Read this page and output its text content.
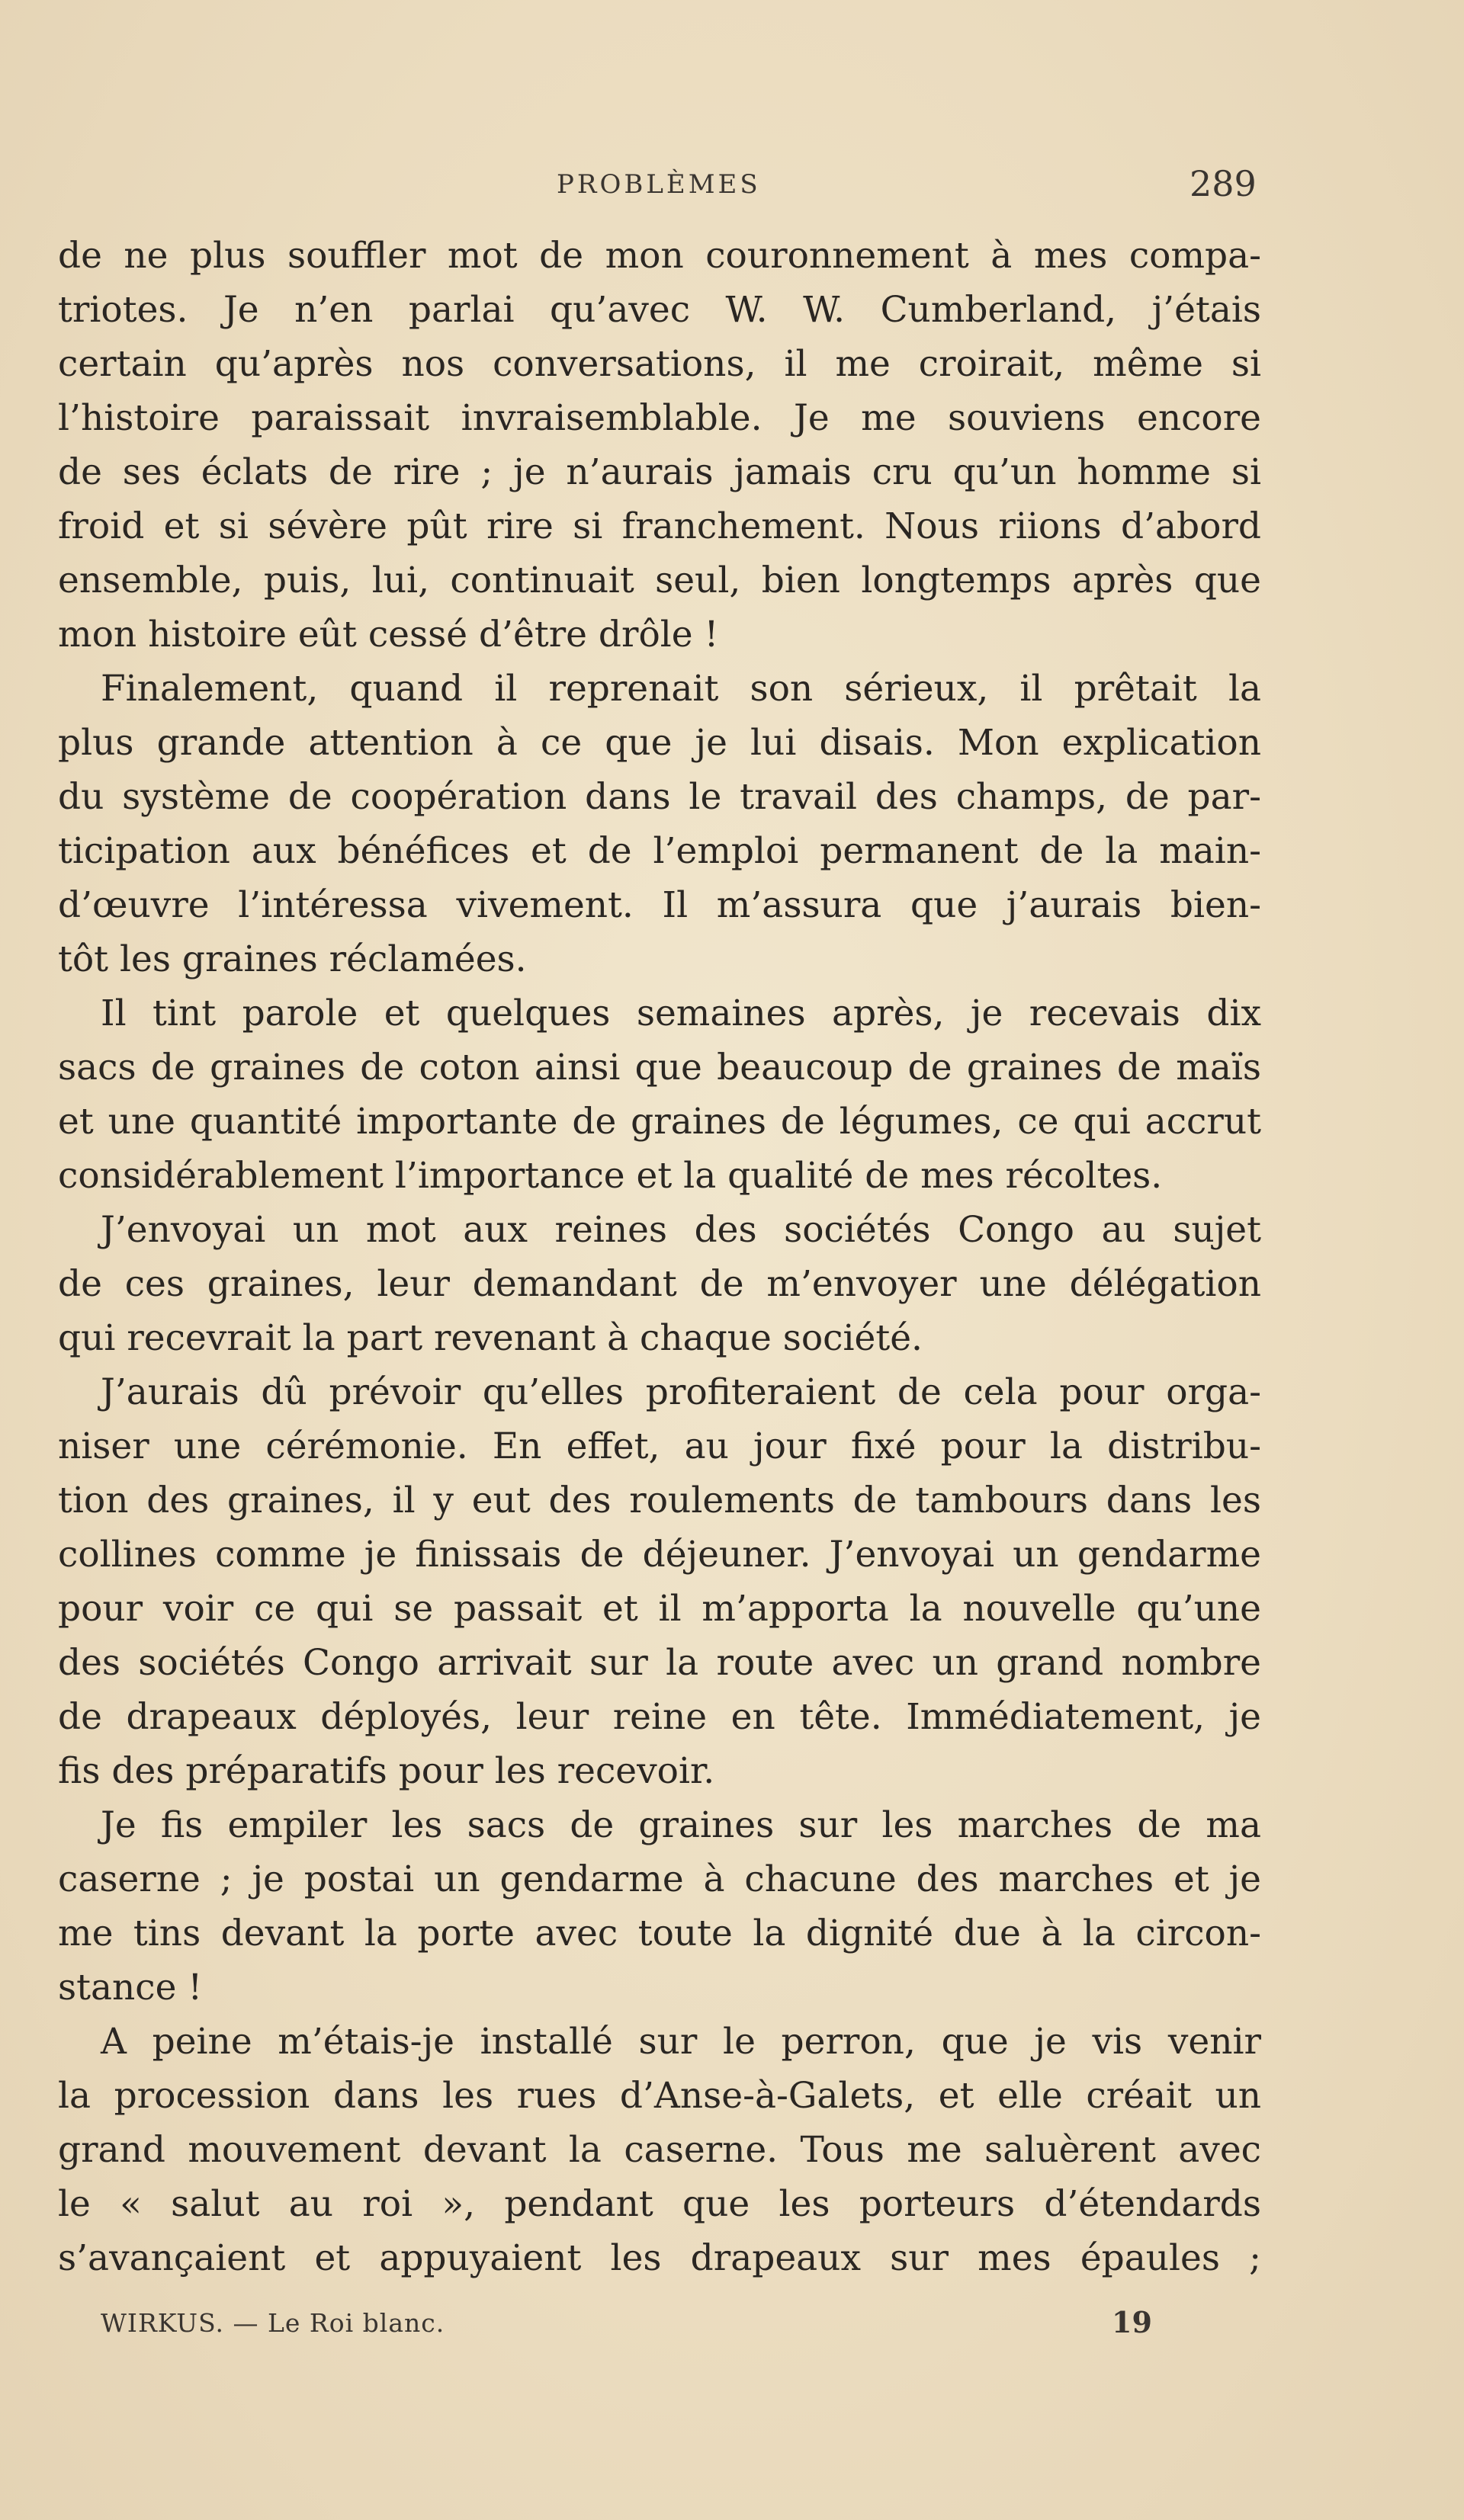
PROBLÈMES	289
de ne plus souffler mot de mon couronnement à mes compa-
triotes. Je n’en parlai qu’avec W. W. Cumberland, j’étais
certain qu’après nos conversations, il me croirait, même si
l’histoire paraissait invraisemblable. Je me souviens encore
de ses éclats de rire ; je n’aurais jamais cru qu’un homme si
froid et si sévère pût rire si franchement. Nous riions d’abord
ensemble, puis, lui, continuait seul, bien longtemps après que
mon histoire eût cessé d’être drôle !
Finalement, quand il reprenait son sérieux, il prêtait la
plus grande attention à ce que je lui disais. Mon explication
du système de coopération dans le travail des champs, de par-
ticipation aux bénéfices et de l’emploi permanent de la main-
d’œuvre l’intéressa vivement. Il m’assura que j’aurais bien-
tôt les graines réclamées.
Il tint parole et quelques semaines après, je recevais dix
sacs de graines de coton ainsi que beaucoup de graines de maïs
et une quantité importante de graines de légumes, ce qui accrut
considérablement l’importance et la qualité de mes récoltes.
J’envoyai un mot aux reines des sociétés Congo au sujet
de ces graines, leur demandant de m’envoyer une délégation
qui recevrait la part revenant à chaque société.
J’aurais dû prévoir qu’elles profiteraient de cela pour orga-
niser une cérémonie. En effet, au jour fixé pour la distribu-
tion des graines, il y eut des roulements de tambours dans les
collines comme je finissais de déjeuner. J’envoyai un gendarme
pour voir ce qui se passait et il m’apporta la nouvelle qu’une
des sociétés Congo arrivait sur la route avec un grand nombre
de drapeaux déployés, leur reine en tête. Immédiatement, je
fis des préparatifs pour les recevoir.
Je fis empiler les sacs de graines sur les marches de ma
caserne ; je postai un gendarme à chacune des marches et je
me tins devant la porte avec toute la dignité due à la circon-
stance !
A peine m’étais-je installé sur le perron, que je vis venir
la procession dans les rues d’Anse-à-Galets, et elle créait un
grand mouvement devant la caserne. Tous me saluèrent avec
le « salut au roi », pendant que les porteurs d’étendards
s’avançaient et appuyaient les drapeaux sur mes épaules ;
WIRKUS. — Le Roi blanc.	19
